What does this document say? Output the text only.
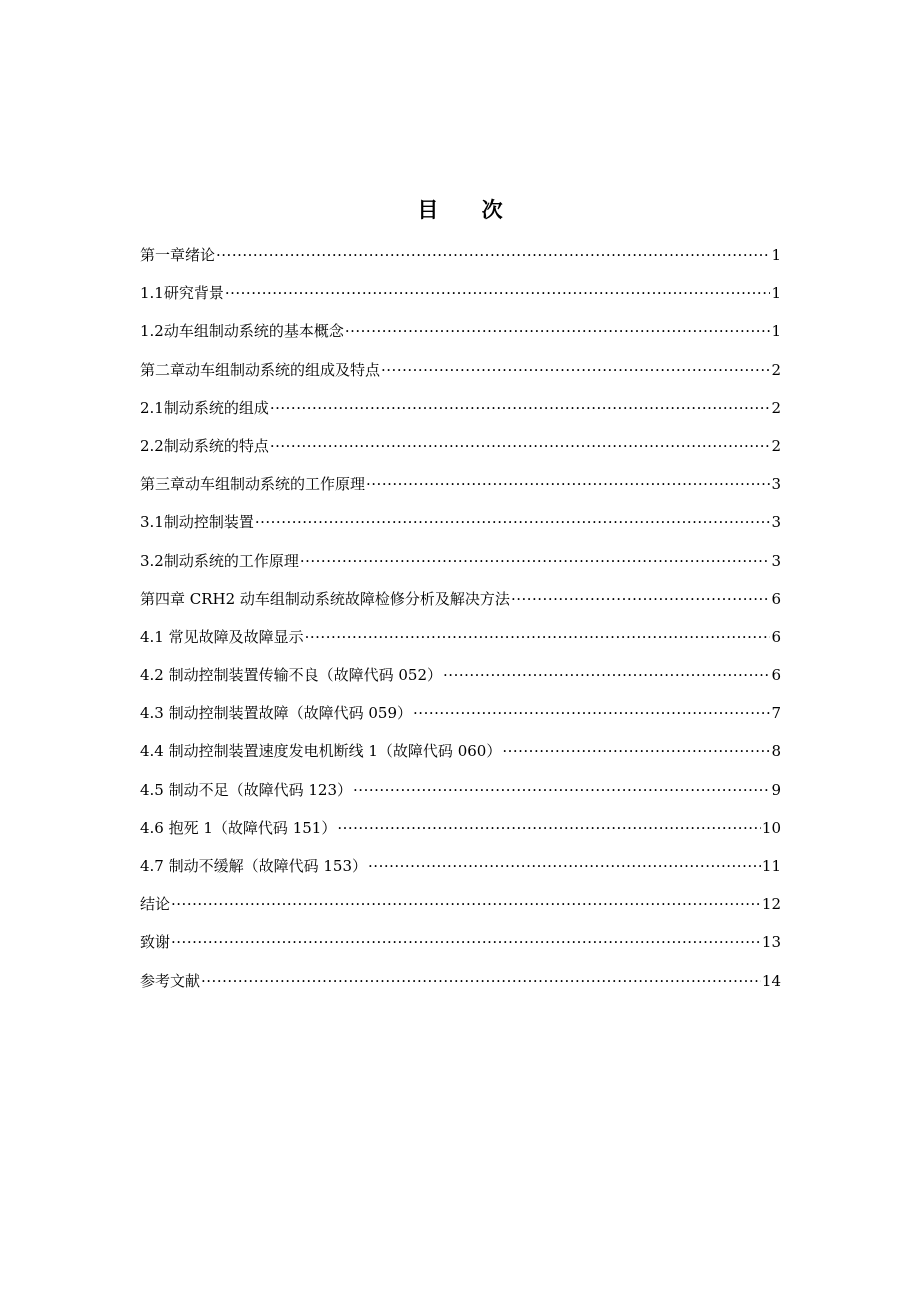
目 次
第一章绪论 ·····	1
1.1研究背景 ·····	1
1.2动车组制动系统的基本概念 ·····	1
第二章动车组制动系统的组成及特点 ·····	2
2.1制动系统的组成 ·····	2
2.2制动系统的特点 ·····	2
第三章动车组制动系统的工作原理 ·····	3
3.1制动控制装置 ·····	3
3.2制动系统的工作原理 ·····	3
第四章 CRH2 动车组制动系统故障检修分析及解决方法 ·····	6
4.1 常见故障及故障显示 ·····	6
4.2 制动控制装置传输不良（故障代码 052） ·····	6
4.3 制动控制装置故障（故障代码 059） ·····	7
4.4 制动控制装置速度发电机断线 1（故障代码 060） ·····	8
4.5 制动不足（故障代码 123） ·····	9
4.6 抱死 1（故障代码 151） ·····	10
4.7 制动不缓解（故障代码 153） ·····	11
结论 ·····	12
致谢 ·····	13
参考文献 ·····	14
